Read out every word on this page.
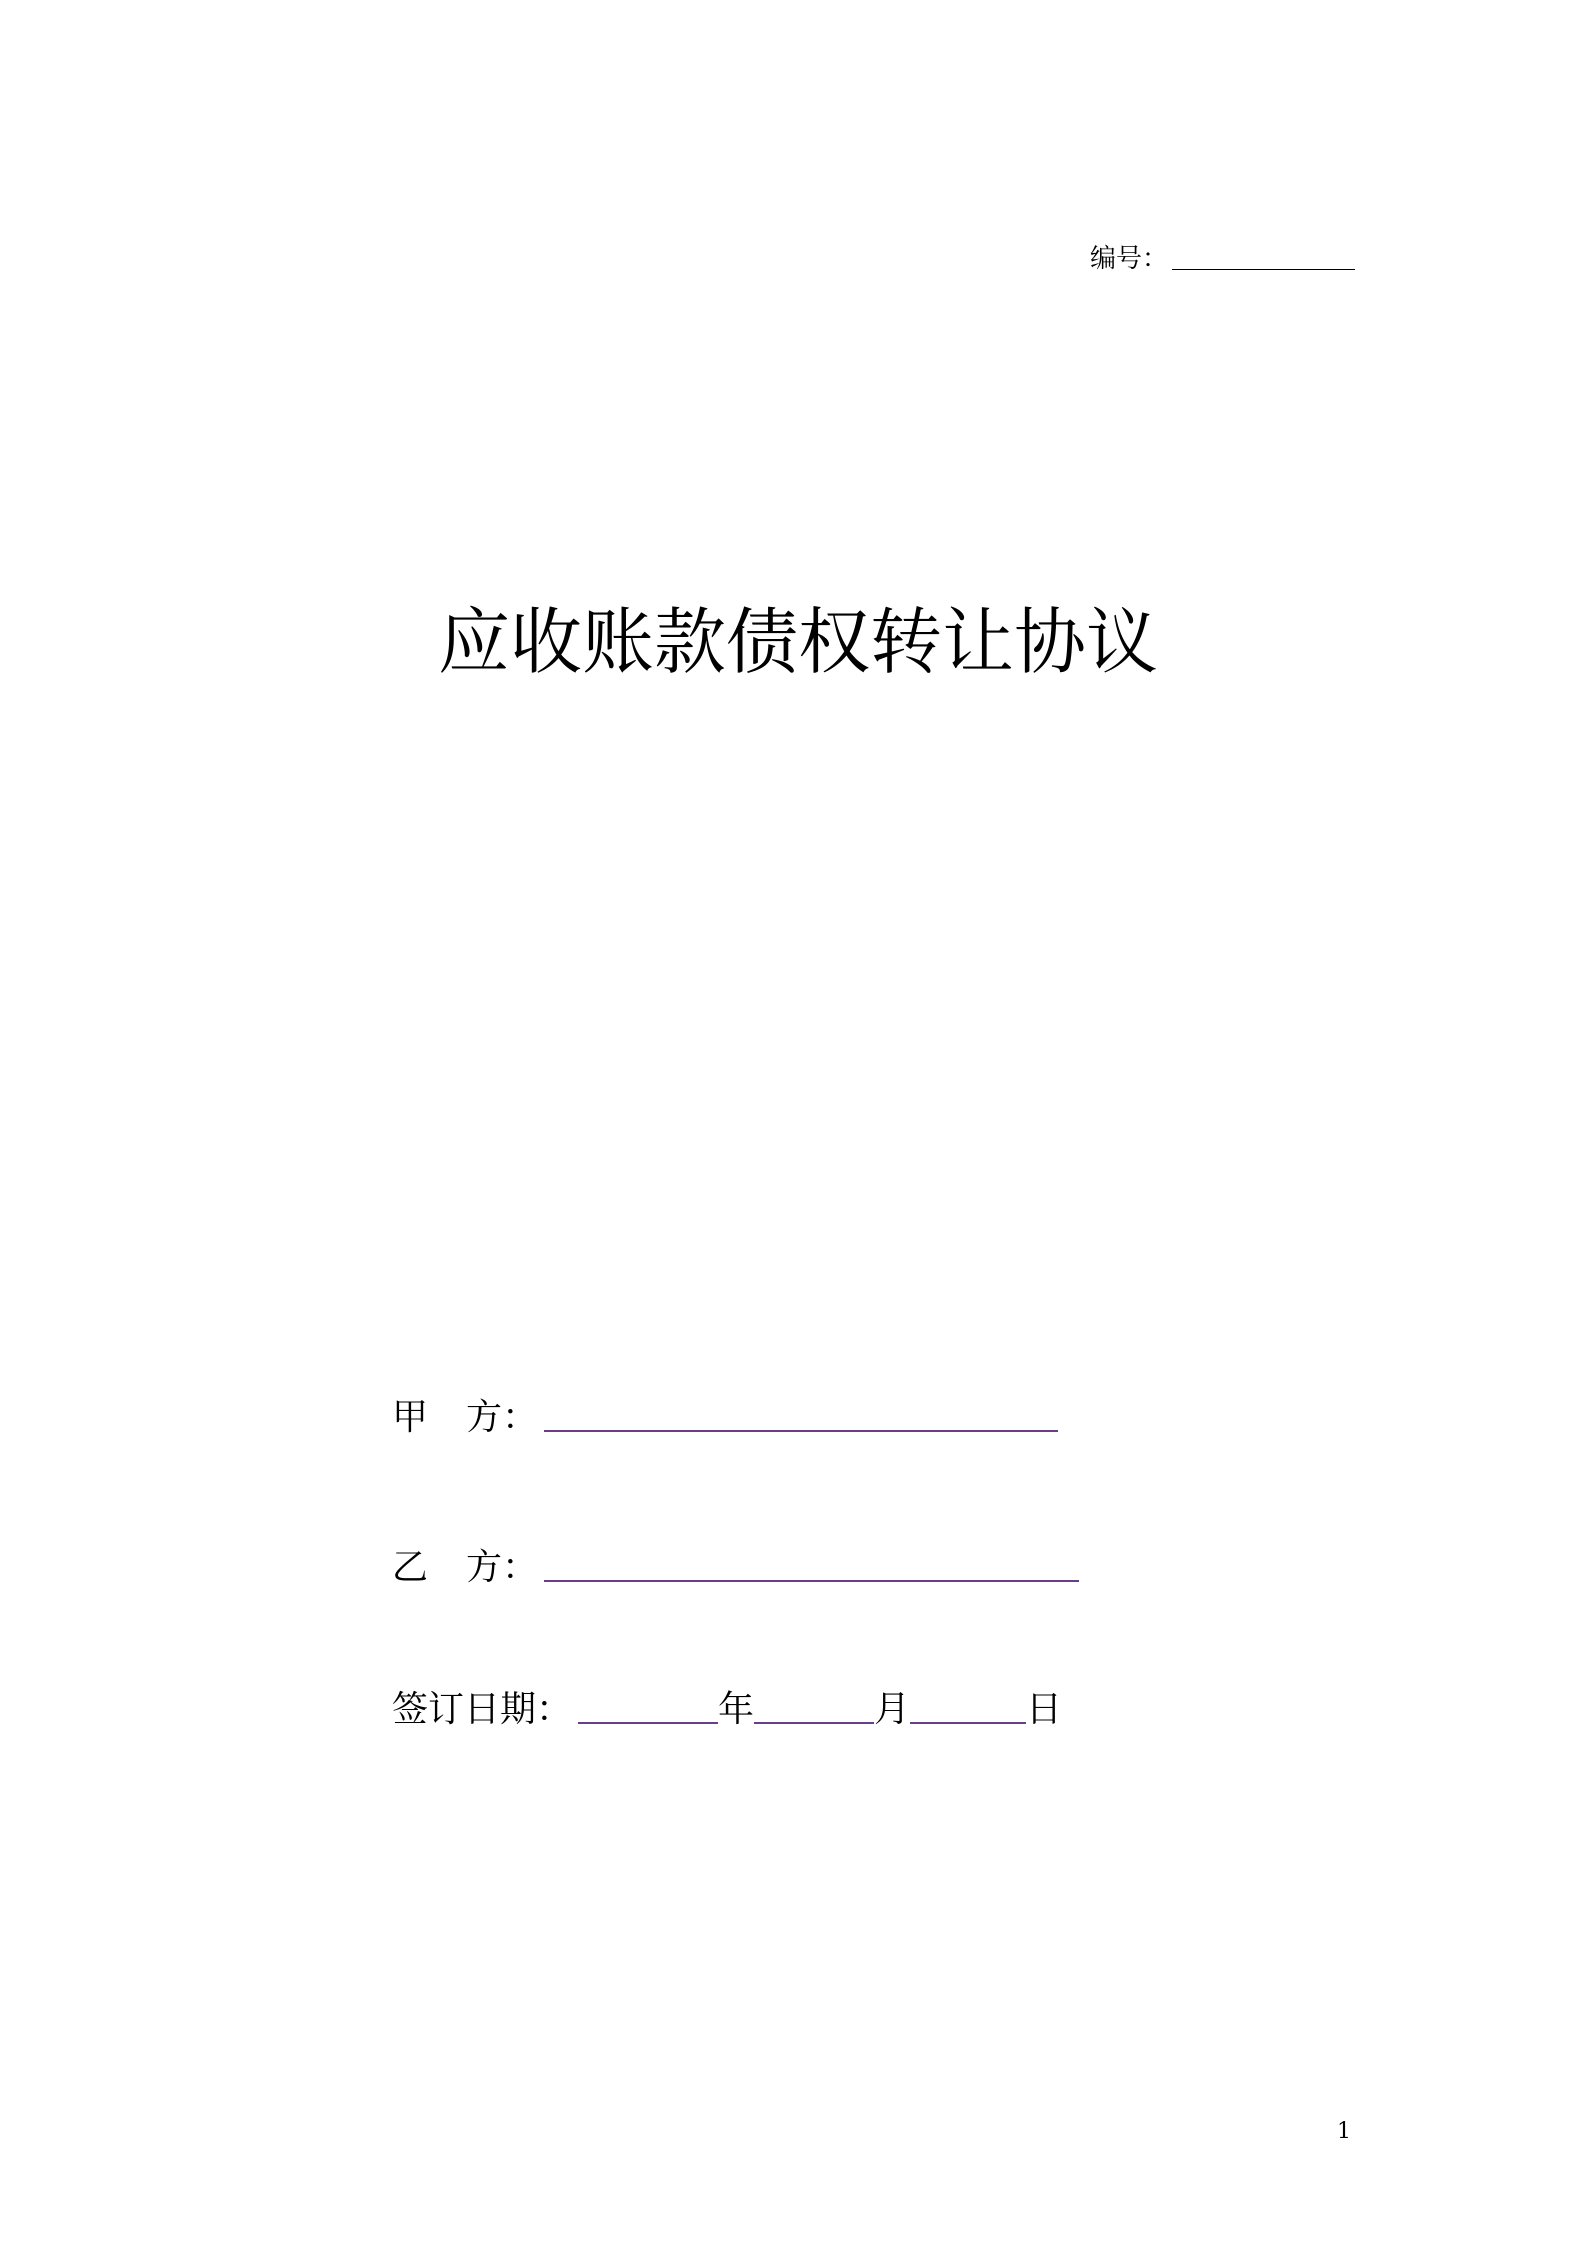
编号：
应收账款债权转让协议
甲 方：
乙 方：
签订日期：	年	月	日
1
